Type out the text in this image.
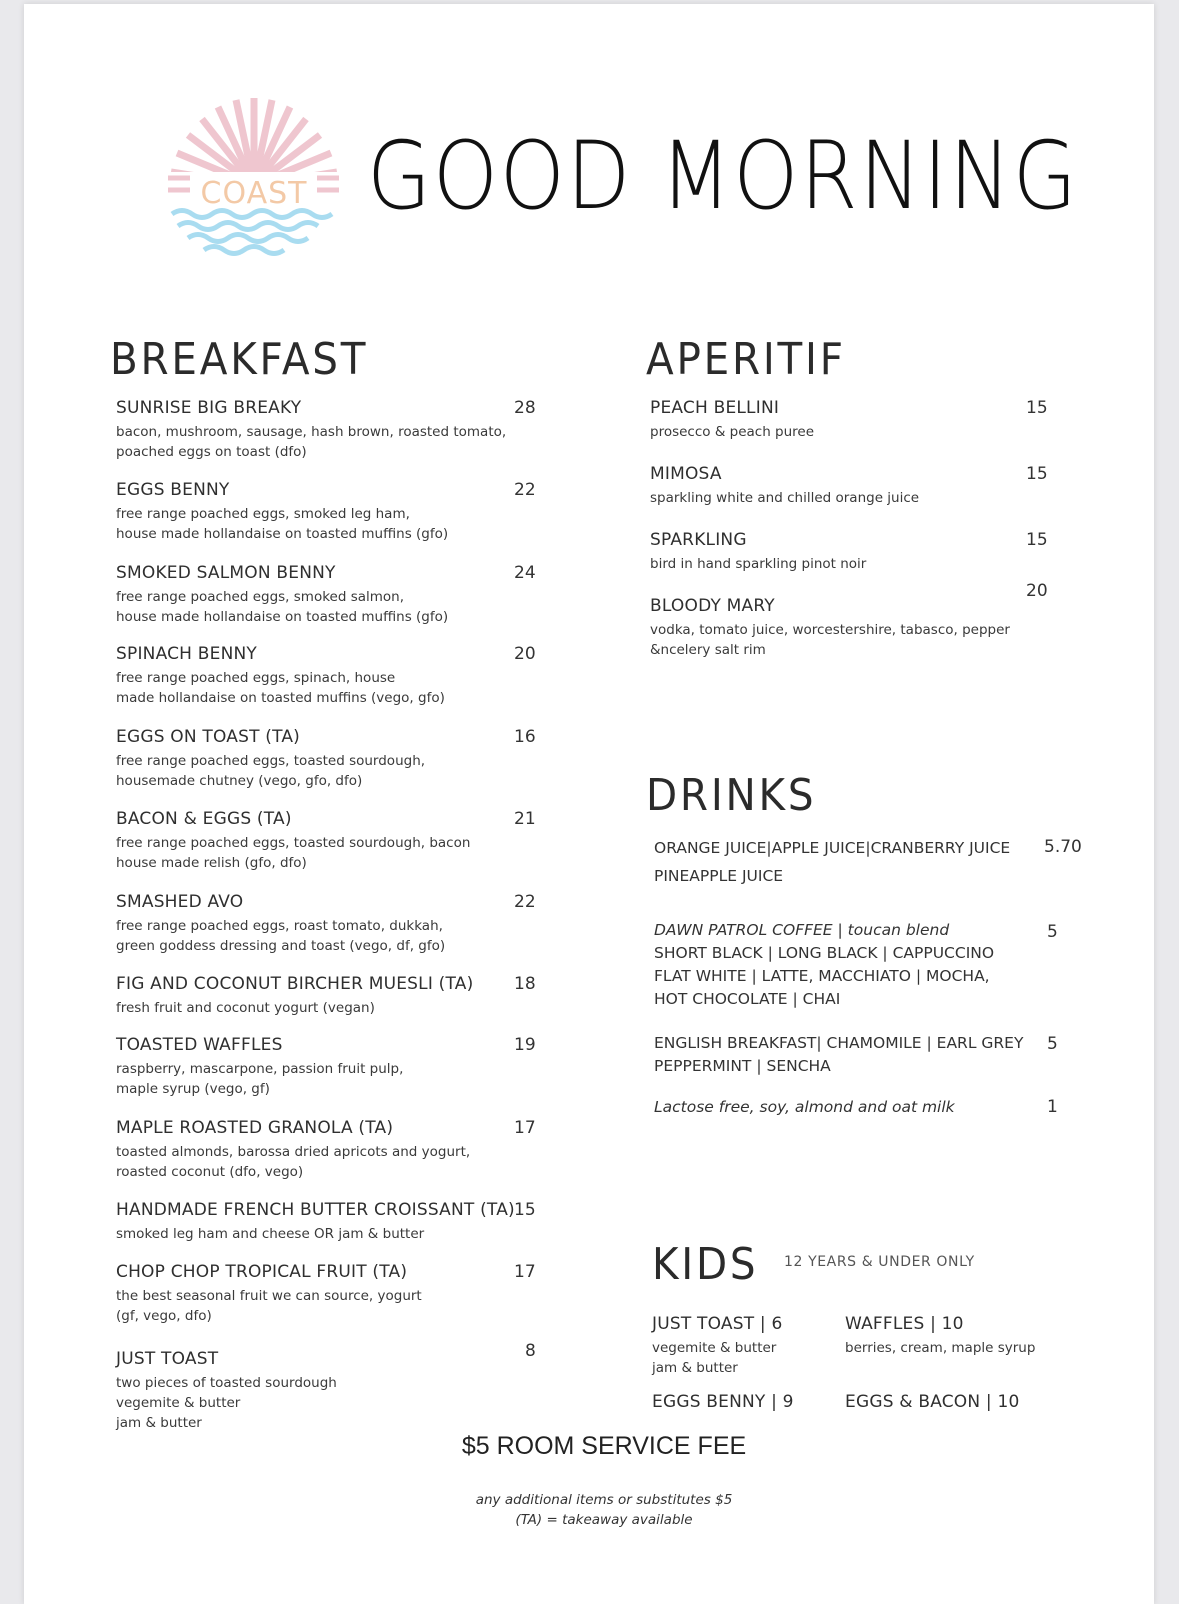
COAST GOOD MORNING
BREAKFAST
SUNRISE BIG BREAKY
bacon, mushroom, sausage, hash brown, roasted tomato,
poached eggs on toast (dfo)
28
EGGS BENNY
free range poached eggs, smoked leg ham,
house made hollandaise on toasted muffins (gfo)
22
SMOKED SALMON BENNY
free range poached eggs, smoked salmon,
house made hollandaise on toasted muffins (gfo)
24
SPINACH BENNY
free range poached eggs, spinach, house
made hollandaise on toasted muffins (vego, gfo)
20
EGGS ON TOAST (TA)
free range poached eggs, toasted sourdough,
housemade chutney (vego, gfo, dfo)
16
BACON & EGGS (TA)
free range poached eggs, toasted sourdough, bacon
house made relish (gfo, dfo)
21
SMASHED AVO
free range poached eggs, roast tomato, dukkah,
green goddess dressing and toast (vego, df, gfo)
22
FIG AND COCONUT BIRCHER MUESLI (TA)
fresh fruit and coconut yogurt (vegan)
18
TOASTED WAFFLES
raspberry, mascarpone, passion fruit pulp,
maple syrup (vego, gf)
19
MAPLE ROASTED GRANOLA (TA)
toasted almonds, barossa dried apricots and yogurt,
roasted coconut (dfo, vego)
17
HANDMADE FRENCH BUTTER CROISSANT (TA)
smoked leg ham and cheese OR jam & butter
15
CHOP CHOP TROPICAL FRUIT (TA)
the best seasonal fruit we can source, yogurt
(gf, vego, dfo)
17
JUST TOAST
two pieces of toasted sourdough
vegemite & butter
jam & butter
8
APERITIF
PEACH BELLINI
prosecco & peach puree
15
MIMOSA
sparkling white and chilled orange juice
15
SPARKLING
bird in hand sparkling pinot noir
15
BLOODY MARY
vodka, tomato juice, worcestershire, tabasco, pepper
&ncelery salt rim
20
DRINKS
ORANGE JUICE|APPLE JUICE|CRANBERRY JUICE
PINEAPPLE JUICE
5.70
DAWN PATROL COFFEE | toucan blend
SHORT BLACK | LONG BLACK | CAPPUCCINO
FLAT WHITE | LATTE, MACCHIATO | MOCHA,
HOT CHOCOLATE | CHAI
5
ENGLISH BREAKFAST| CHAMOMILE | EARL GREY
PEPPERMINT | SENCHA
5
Lactose free, soy, almond and oat milk	1
KIDS 12 YEARS & UNDER ONLY
JUST TOAST | 6
vegemite & butter
jam & butter
WAFFLES | 10
berries, cream, maple syrup
EGGS BENNY | 9	EGGS & BACON | 10
$5 ROOM SERVICE FEE
any additional items or substitutes $5
(TA) = takeaway available
